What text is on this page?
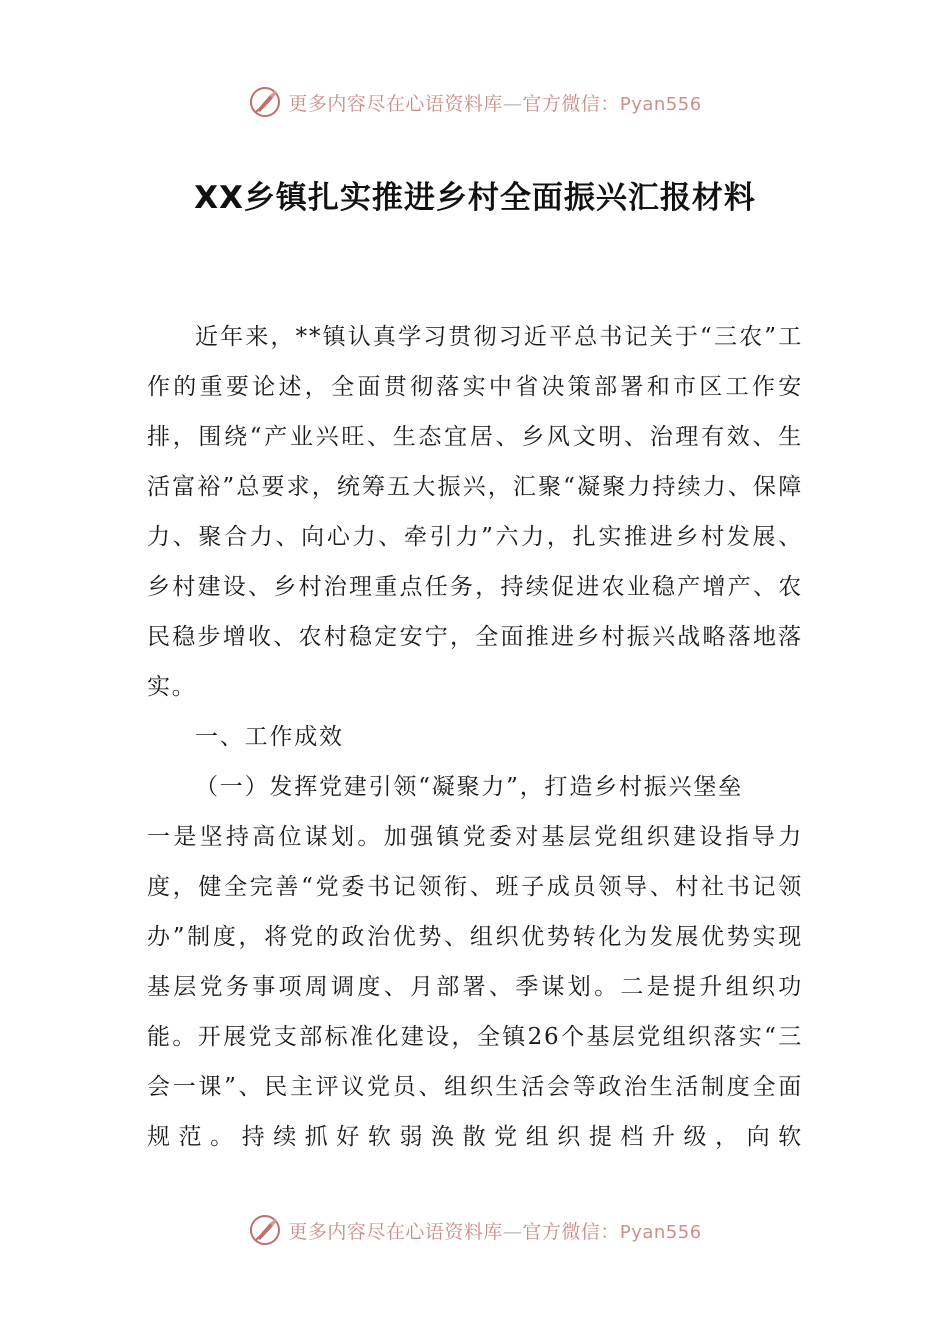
更多内容尽在心语资料库—官方微信：Pyan556
XX乡镇扎实推进乡村全面振兴汇报材料

近年来，**镇认真学习贯彻习近平总书记关于“三农”工作的重要论述，全面贯彻落实中省决策部署和市区工作安排，围绕“产业兴旺、生态宜居、乡风文明、治理有效、生活富裕”总要求，统筹五大振兴，汇聚“凝聚力持续力、保障力、聚合力、向心力、牵引力”六力，扎实推进乡村发展、乡村建设、乡村治理重点任务，持续促进农业稳产增产、农民稳步增收、农村稳定安宁，全面推进乡村振兴战略落地落实。

一、工作成效

（一）发挥党建引领“凝聚力”，打造乡村振兴堡垒

一是坚持高位谋划。加强镇党委对基层党组织建设指导力度，健全完善“党委书记领衔、班子成员领导、村社书记领办”制度，将党的政治优势、组织优势转化为发展优势实现基层党务事项周调度、月部署、季谋划。二是提升组织功能。开展党支部标准化建设，全镇26个基层党组织落实“三会一课”、民主评议党员、组织生活会等政治生活制度全面规范。持续抓好软弱涣散党组织提档升级，向软

更多内容尽在心语资料库—官方微信：Pyan556
